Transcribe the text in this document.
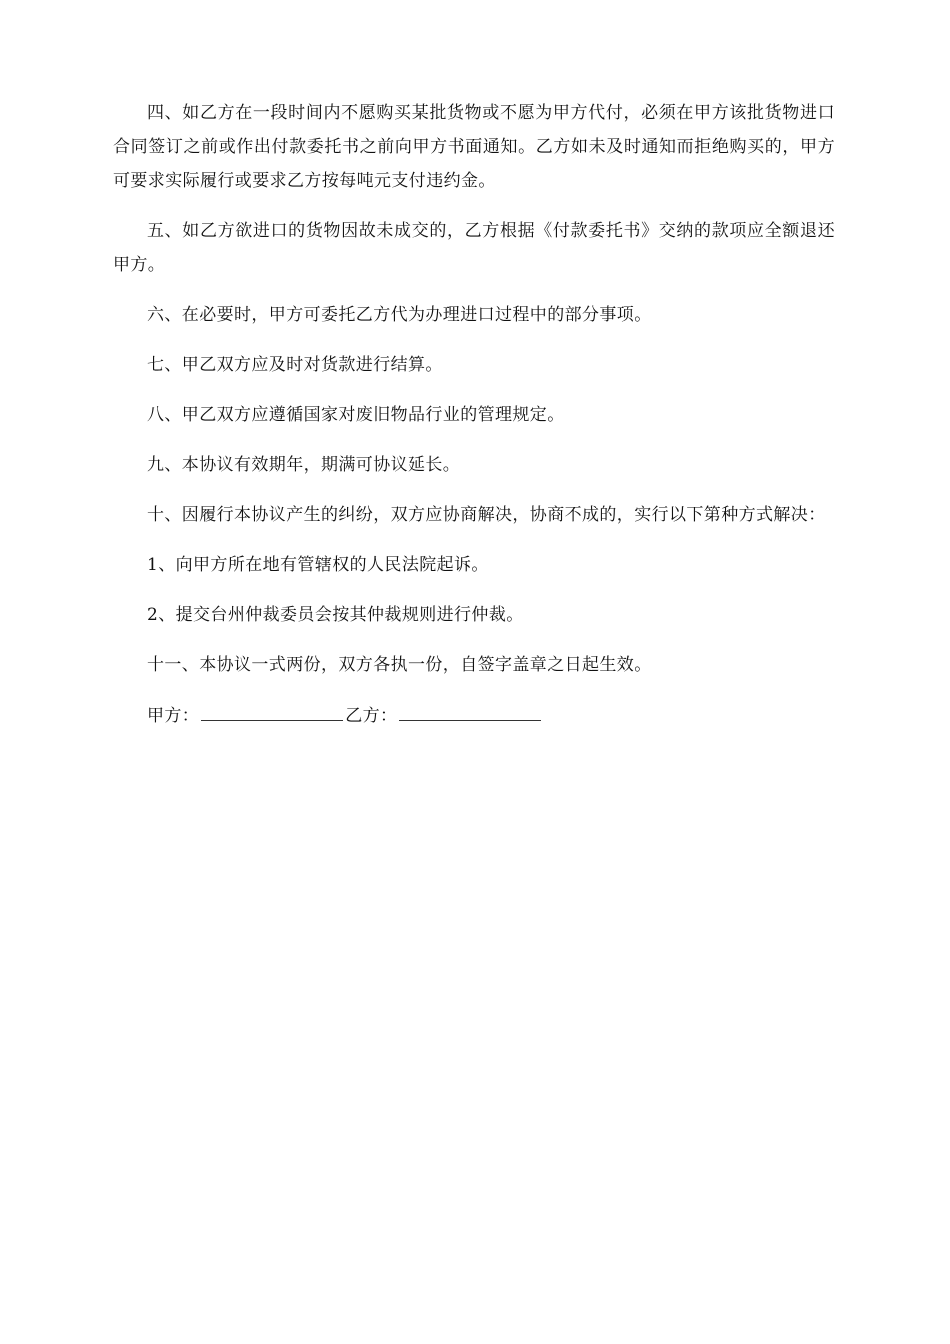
四、如乙方在一段时间内不愿购买某批货物或不愿为甲方代付，必须在甲方该批货物进口合同签订之前或作出付款委托书之前向甲方书面通知。乙方如未及时通知而拒绝购买的，甲方可要求实际履行或要求乙方按每吨元支付违约金。

五、如乙方欲进口的货物因故未成交的，乙方根据《付款委托书》交纳的款项应全额退还甲方。

六、在必要时，甲方可委托乙方代为办理进口过程中的部分事项。

七、甲乙双方应及时对货款进行结算。

八、甲乙双方应遵循国家对废旧物品行业的管理规定。

九、本协议有效期年，期满可协议延长。

十、因履行本协议产生的纠纷，双方应协商解决，协商不成的，实行以下第种方式解决：

1、向甲方所在地有管辖权的人民法院起诉。

2、提交台州仲裁委员会按其仲裁规则进行仲裁。

十一、本协议一式两份，双方各执一份，自签字盖章之日起生效。

甲方：	乙方：
